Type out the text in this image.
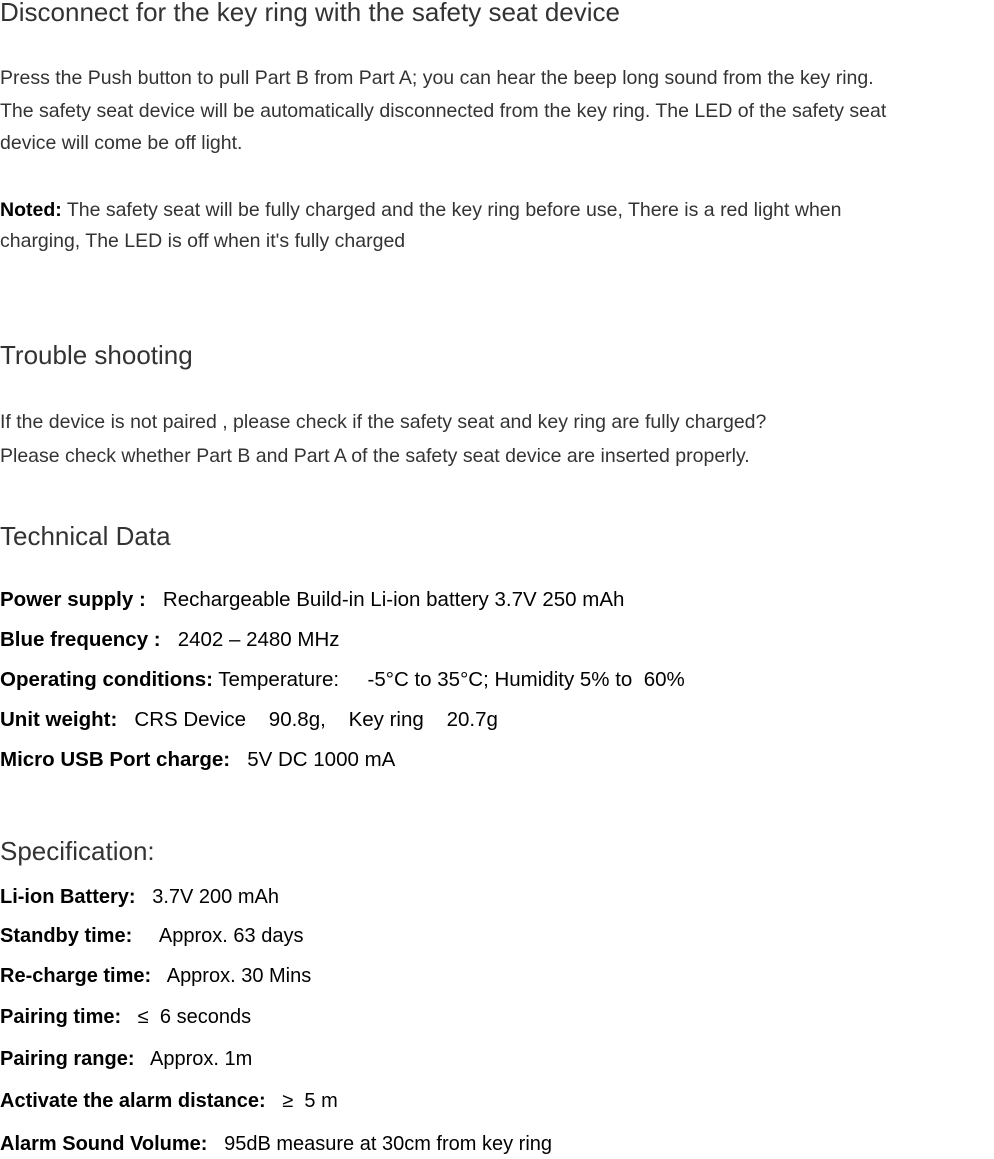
Disconnect for the key ring with the safety seat device
Press the Push button to pull Part B from Part A; you can hear the beep long sound from the key ring.
The safety seat device will be automatically disconnected from the key ring. The LED of the safety seat
device will come be off light.
Noted: The safety seat will be fully charged and the key ring before use, There is a red light when
charging, The LED is off when it's fully charged
Trouble shooting
If the device is not paired , please check if the safety seat and key ring are fully charged?
Please check whether Part B and Part A of the safety seat device are inserted properly.
Technical Data
Power supply :   Rechargeable Build-in Li-ion battery 3.7V 250 mAh
Blue frequency :   2402 – 2480 MHz
Operating conditions: Temperature:     -5°C to 35°C; Humidity 5% to  60%
Unit weight:   CRS Device    90.8g,    Key ring    20.7g
Micro USB Port charge:   5V DC 1000 mA
Specification:
Li-ion Battery:   3.7V 200 mAh
Standby time:     Approx. 63 days
Re-charge time:   Approx. 30 Mins
Pairing time:   ≤  6 seconds
Pairing range:   Approx. 1m
Activate the alarm distance:   ≥  5 m
Alarm Sound Volume:   95dB measure at 30cm from key ring
